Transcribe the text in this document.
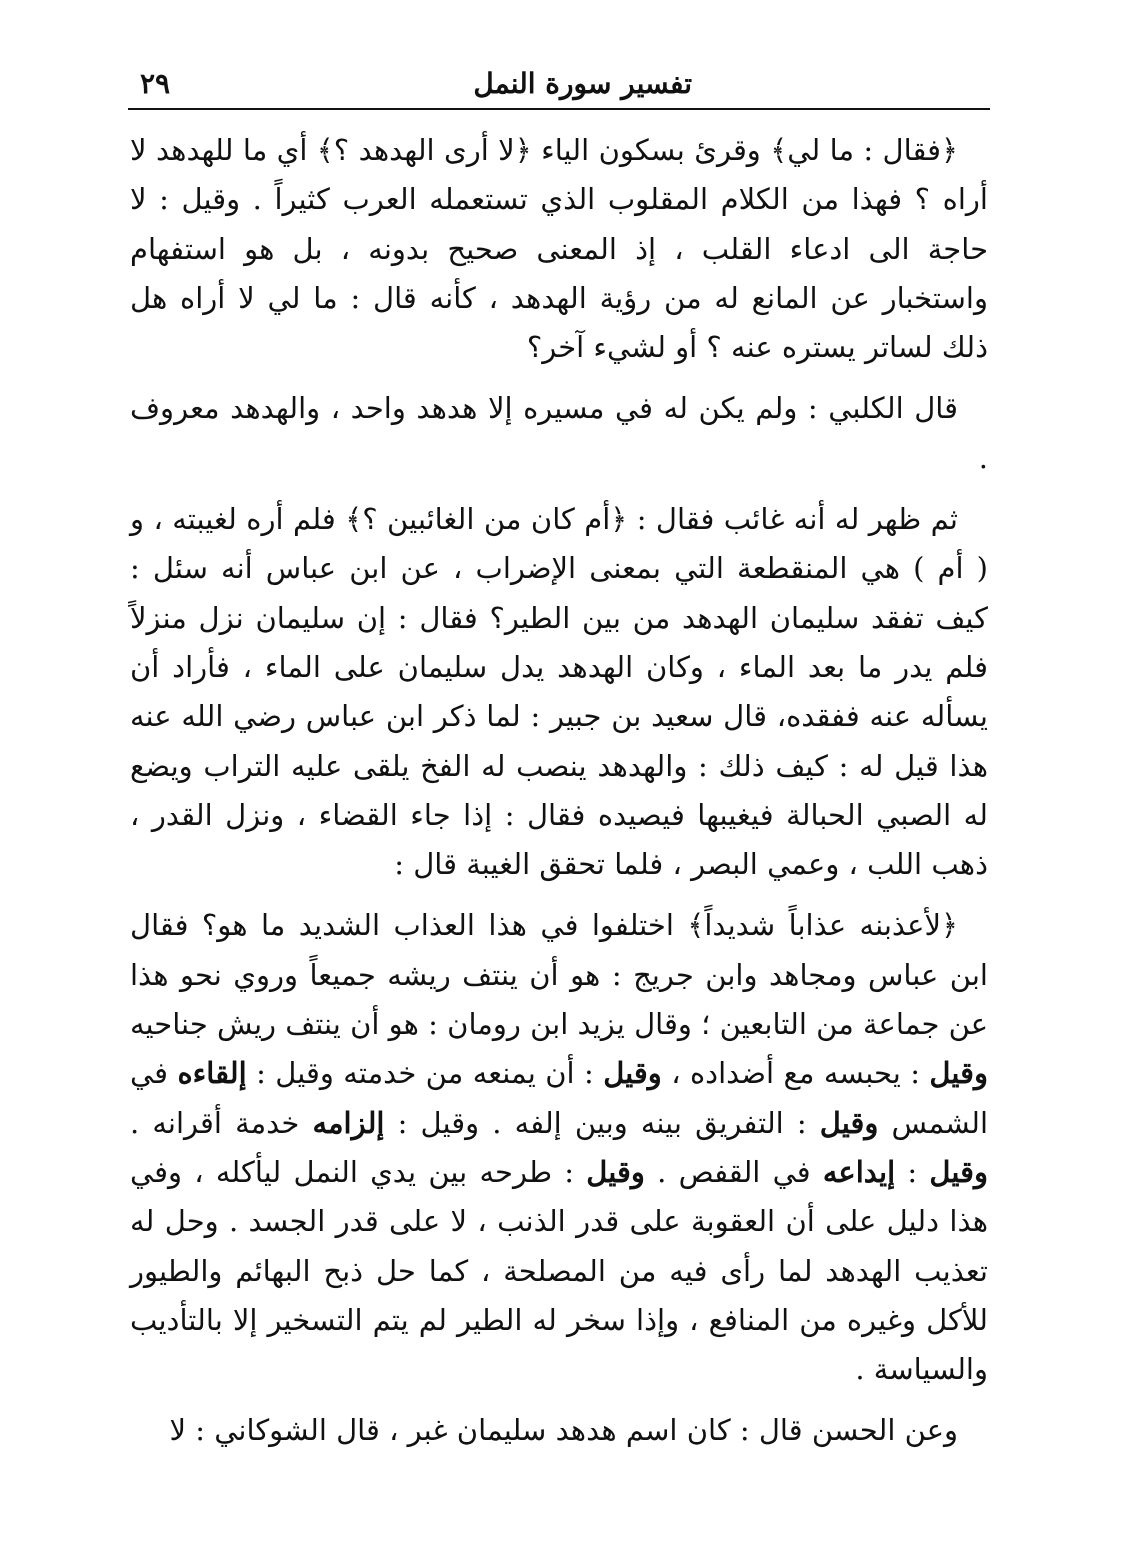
تفسير سورة النمل
٢٩

﴿فقال : ما لي﴾ وقرئ بسكون الياء ﴿لا أرى الهدهد ؟﴾ أي ما للهدهد لا أراه ؟ فهذا من الكلام المقلوب الذي تستعمله العرب كثيراً . وقيل : لا حاجة الى ادعاء القلب ، إذ المعنى صحيح بدونه ، بل هو استفهام واستخبار عن المانع له من رؤية الهدهد ، كأنه قال : ما لي لا أراه هل ذلك لساتر يستره عنه ؟ أو لشيء آخر؟

قال الكلبي : ولم يكن له في مسيره إلا هدهد واحد ، والهدهد معروف .

ثم ظهر له أنه غائب فقال : ﴿أم كان من الغائبين ؟﴾ فلم أره لغيبته ، و ( أم ) هي المنقطعة التي بمعنى الإضراب ، عن ابن عباس أنه سئل : كيف تفقد سليمان الهدهد من بين الطير؟ فقال : إن سليمان نزل منزلاً فلم يدر ما بعد الماء ، وكان الهدهد يدل سليمان على الماء ، فأراد أن يسأله عنه ففقده، قال سعيد بن جبير : لما ذكر ابن عباس رضي الله عنه هذا قيل له : كيف ذلك : والهدهد ينصب له الفخ يلقى عليه التراب ويضع له الصبي الحبالة فيغيبها فيصيده فقال : إذا جاء القضاء ، ونزل القدر ، ذهب اللب ، وعمي البصر ، فلما تحقق الغيبة قال :

﴿لأعذبنه عذاباً شديداً﴾ اختلفوا في هذا العذاب الشديد ما هو؟ فقال ابن عباس ومجاهد وابن جريج : هو أن ينتف ريشه جميعاً وروي نحو هذا عن جماعة من التابعين ؛ وقال يزيد ابن رومان : هو أن ينتف ريش جناحيه وقيل : يحبسه مع أضداده ، وقيل : أن يمنعه من خدمته وقيل : إلقاءه في الشمس وقيل : التفريق بينه وبين إلفه . وقيل : إلزامه خدمة أقرانه . وقيل : إيداعه في القفص . وقيل : طرحه بين يدي النمل ليأكله ، وفي هذا دليل على أن العقوبة على قدر الذنب ، لا على قدر الجسد . وحل له تعذيب الهدهد لما رأى فيه من المصلحة ، كما حل ذبح البهائم والطيور للأكل وغيره من المنافع ، وإذا سخر له الطير لم يتم التسخير إلا بالتأديب والسياسة .

وعن الحسن قال : كان اسم هدهد سليمان غبر ، قال الشوكاني : لا
